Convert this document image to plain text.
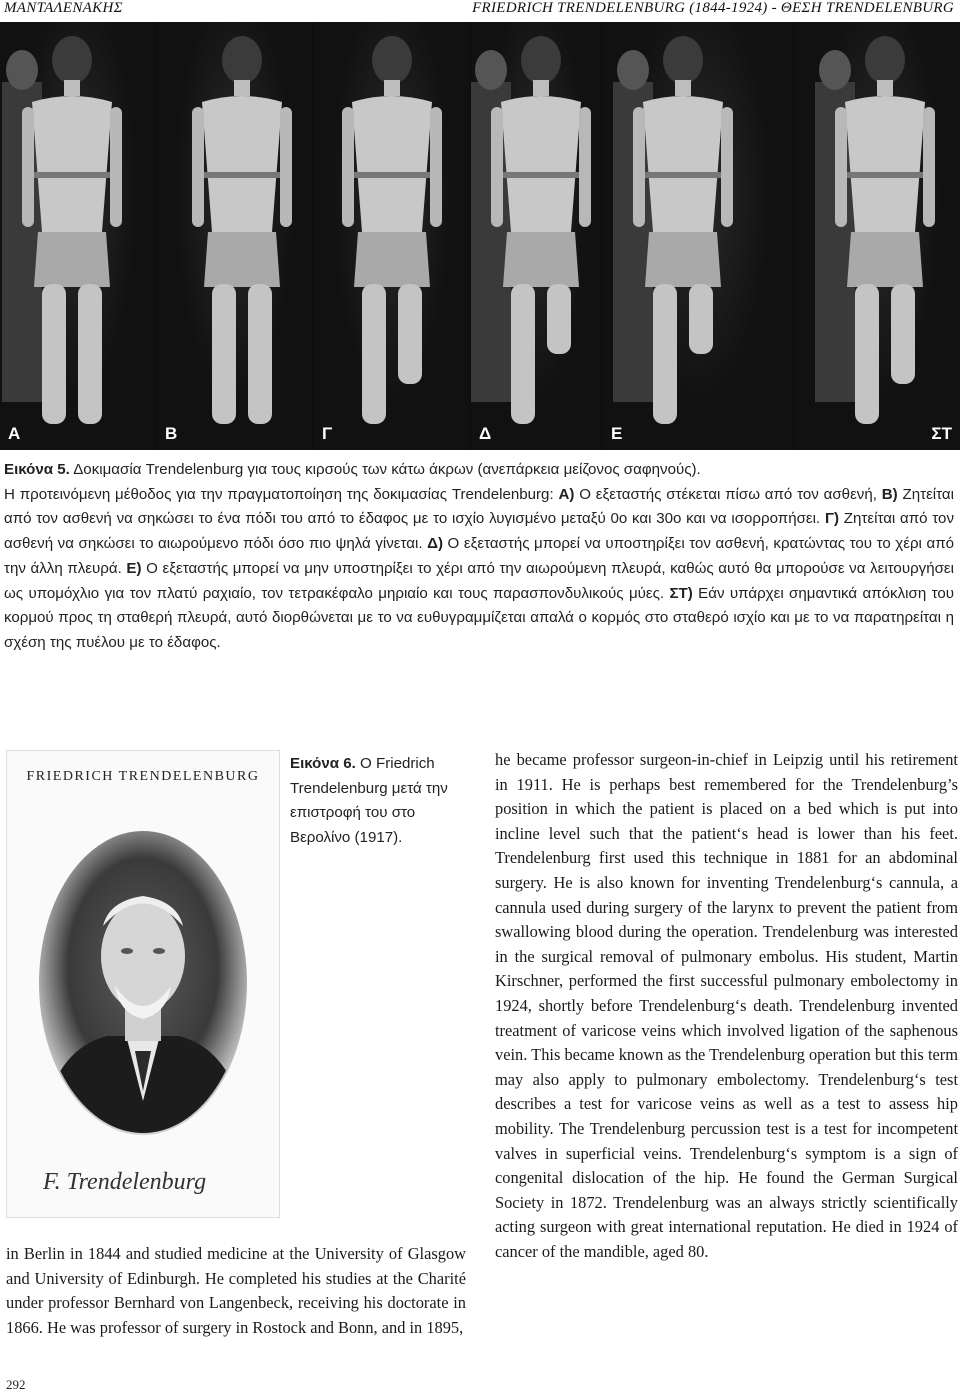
ΜΑΝΤΑΛΕΝΑΚΗΣ	FRIEDRICH TRENDELENBURG (1844-1924) - ΘΕΣΗ TRENDELENBURG
Α	Β	Γ	Δ	Ε	ΣΤ

Εικόνα 5. Δοκιμασία Trendelenburg για τους κιρσούς των κάτω άκρων (ανεπάρκεια μείζονος σαφηνούς).

Η προτεινόμενη μέθοδος για την πραγματοποίηση της δοκιμασίας Trendelenburg: Α) Ο εξεταστής στέκεται πίσω από τον ασθενή, Β) Ζητείται από τον ασθενή να σηκώσει το ένα πόδι του από το έδαφος με το ισχίο λυγισμένο μεταξύ 0ο και 30ο και να ισορροπήσει. Γ) Ζητείται από τον ασθενή να σηκώσει το αιωρούμενο πόδι όσο πιο ψηλά γίνεται. Δ) Ο εξεταστής μπορεί να υποστηρίξει τον ασθενή, κρατώντας του το χέρι από την άλλη πλευρά. Ε) Ο εξεταστής μπορεί να μην υποστηρίξει το χέρι από την αιωρούμενη πλευρά, καθώς αυτό θα μπορούσε να λειτουργήσει ως υπομόχλιο για τον πλατύ ραχιαίο, τον τετρακέφαλο μηριαίο και τους παρασπονδυλικούς μύες. ΣΤ) Εάν υπάρχει σημαντικά απόκλιση του κορμού προς τη σταθερή πλευρά, αυτό διορθώνεται με το να ευθυγραμμίζεται απαλά ο κορμός στο σταθερό ισχίο και με το να παρατηρείται η σχέση της πυέλου με το έδαφος.

FRIEDRICH TRENDELENBURG
F. Trendelenburg
Εικόνα 6. Ο Friedrich Trendelenburg μετά την επιστροφή του στο Βερολίνο (1917).
in Berlin in 1844 and studied medicine at the University of Glasgow and University of Edinburgh. He completed his studies at the Charité under professor Bernhard von Langenbeck, receiving his doctorate in 1866. He was professor of surgery in Rostock and Bonn, and in 1895,
he became professor surgeon-in-chief in Leipzig until his retirement in 1911. He is perhaps best remembered for the Trendelenburg’s position in which the patient is placed on a bed which is put into incline level such that the patient‘s head is lower than his feet. Trendelenburg first used this technique in 1881 for an abdominal surgery. He is also known for inventing Trendelenburg‘s cannula, a cannula used during surgery of the larynx to prevent the patient from swallowing blood during the operation. Trendelenburg was interested in the surgical removal of pulmonary embolus. His student, Martin Kirschner, performed the first successful pulmonary embolectomy in 1924, shortly before Trendelenburg‘s death. Trendelenburg invented treatment of varicose veins which involved ligation of the saphenous vein. This became known as the Trendelenburg operation but this term may also apply to pulmonary embolectomy. Trendelenburg‘s test describes a test for varicose veins as well as a test to assess hip mobility. The Trendelenburg percussion test is a test for incompetent valves in superficial veins. Trendelenburg‘s symptom is a sign of congenital dislocation of the hip. He found the German Surgical Society in 1872. Trendelenburg was an always strictly scientifically acting surgeon with great international reputation. He died in 1924 of cancer of the mandible, aged 80.
292
